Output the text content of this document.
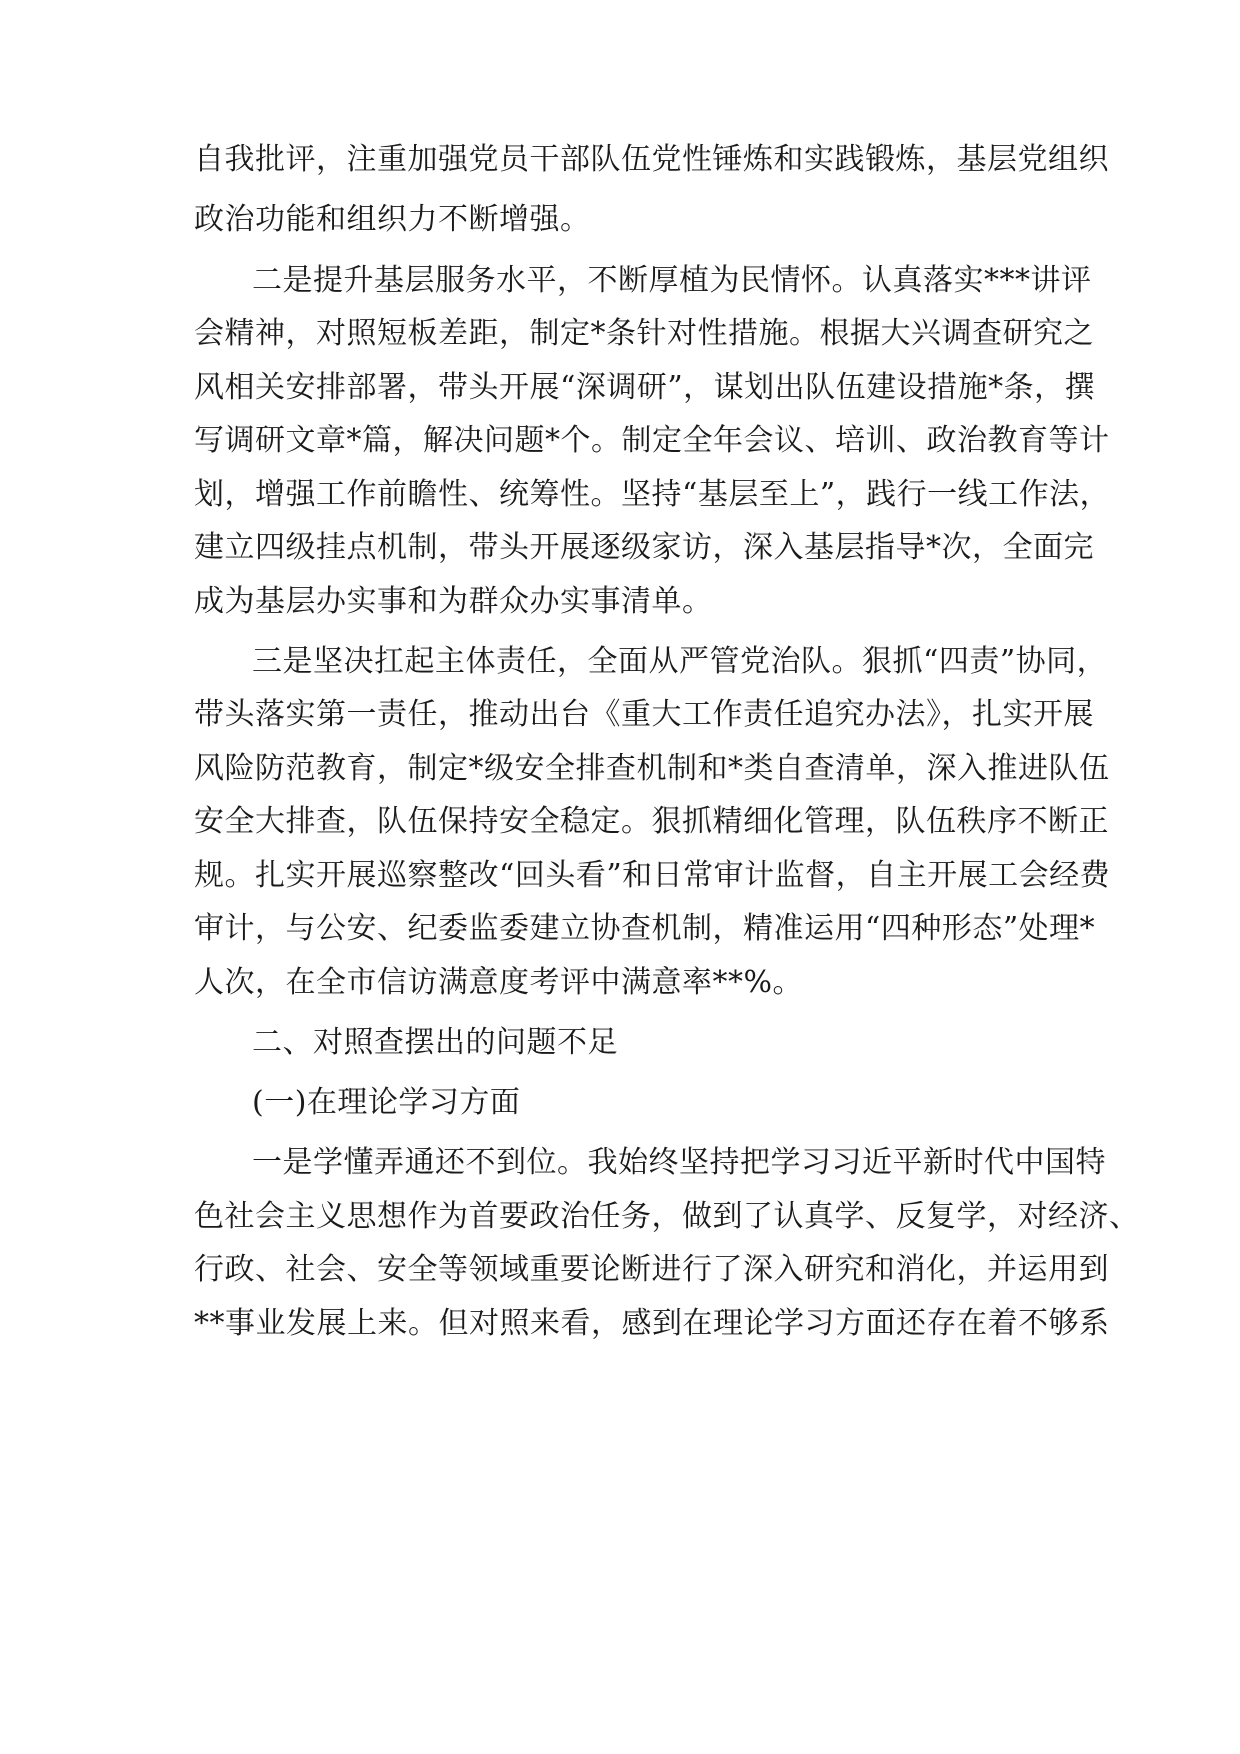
自我批评，注重加强党员干部队伍党性锤炼和实践锻炼，基层党组织
政治功能和组织力不断增强。
二是提升基层服务水平，不断厚植为民情怀。认真落实***讲评
会精神，对照短板差距，制定*条针对性措施。根据大兴调查研究之
风相关安排部署，带头开展“深调研”，谋划出队伍建设措施*条，撰
写调研文章*篇，解决问题*个。制定全年会议、培训、政治教育等计
划，增强工作前瞻性、统筹性。坚持“基层至上”，践行一线工作法，
建立四级挂点机制，带头开展逐级家访，深入基层指导*次，全面完
成为基层办实事和为群众办实事清单。
三是坚决扛起主体责任，全面从严管党治队。狠抓“四责”协同，
带头落实第一责任，推动出台《重大工作责任追究办法》，扎实开展
风险防范教育，制定*级安全排查机制和*类自查清单，深入推进队伍
安全大排查，队伍保持安全稳定。狠抓精细化管理，队伍秩序不断正
规。扎实开展巡察整改“回头看”和日常审计监督，自主开展工会经费
审计，与公安、纪委监委建立协查机制，精准运用“四种形态”处理*
人次，在全市信访满意度考评中满意率**%。
二、对照查摆出的问题不足
(一)在理论学习方面
一是学懂弄通还不到位。我始终坚持把学习习近平新时代中国特
色社会主义思想作为首要政治任务，做到了认真学、反复学，对经济、
行政、社会、安全等领域重要论断进行了深入研究和消化，并运用到
**事业发展上来。但对照来看，感到在理论学习方面还存在着不够系
